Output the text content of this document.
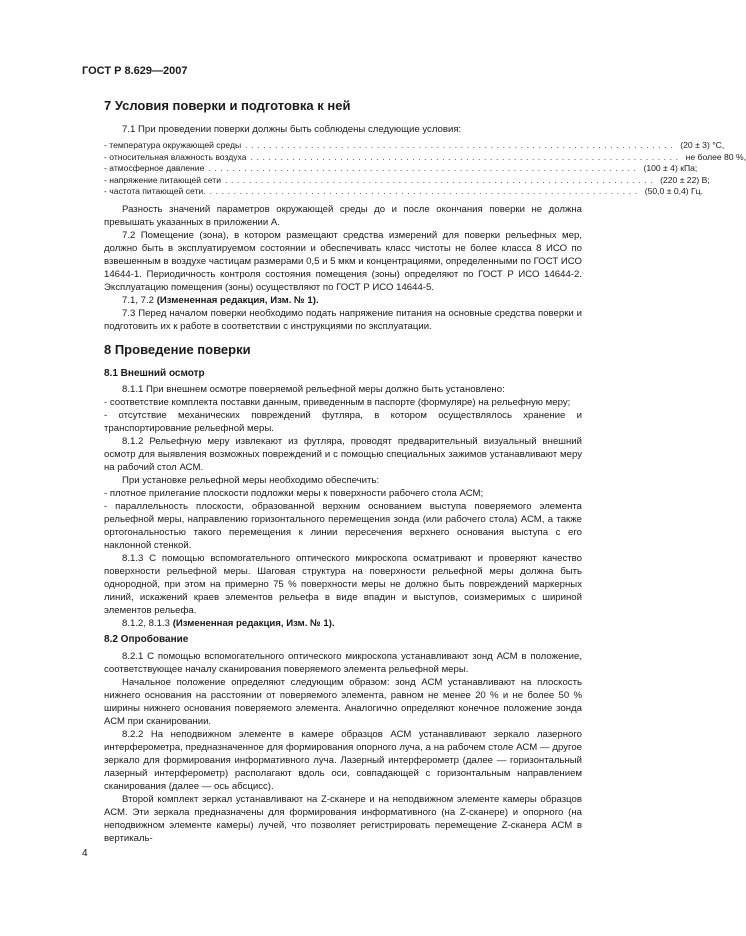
ГОСТ Р 8.629—2007
7 Условия поверки и подготовка к ней

7.1 При проведении поверки должны быть соблюдены следующие условия:

- температура окружающей среды ........................................................................ (20 ± 3) °С,
- относительная влажность воздуха ........................................................................ не более 80 %,
- атмосферное давление ........................................................................ (100 ± 4) кПа;
- напряжение питающей сети ........................................................................ (220 ± 22) В;
- частота питающей сети. ........................................................................ (50,0 ± 0,4) Гц.

Разность значений параметров окружающей среды до и после окончания поверки не должна превышать указанных в приложении А.

7.2 Помещение (зона), в котором размещают средства измерений для поверки рельефных мер, должно быть в эксплуатируемом состоянии и обеспечивать класс чистоты не более класса 8 ИСО по взвешенным в воздухе частицам размерами 0,5 и 5 мкм и концентрациями, определенными по ГОСТ ИСО 14644-1. Периодичность контроля состояния помещения (зоны) определяют по ГОСТ Р ИСО 14644-2. Эксплуатацию помещения (зоны) осуществляют по ГОСТ Р ИСО 14644-5.

7.1, 7.2 (Измененная редакция, Изм. № 1).

7.3 Перед началом поверки необходимо подать напряжение питания на основные средства поверки и подготовить их к работе в соответствии с инструкциями по эксплуатации.

8 Проведение поверки
8.1 Внешний осмотр

8.1.1 При внешнем осмотре поверяемой рельефной меры должно быть установлено:

- соответствие комплекта поставки данным, приведенным в паспорте (формуляре) на рельефную меру;

- отсутствие механических повреждений футляра, в котором осуществлялось хранение и транспортирование рельефной меры.

8.1.2 Рельефную меру извлекают из футляра, проводят предварительный визуальный внешний осмотр для выявления возможных повреждений и с помощью специальных зажимов устанавливают меру на рабочий стол АСМ.

При установке рельефной меры необходимо обеспечить:

- плотное прилегание плоскости подложки меры к поверхности рабочего стола АСМ;

- параллельность плоскости, образованной верхним основанием выступа поверяемого элемента рельефной меры, направлению горизонтального перемещения зонда (или рабочего стола) АСМ, а также ортогональностью такого перемещения к линии пересечения верхнего основания выступа с его наклонной стенкой.

8.1.3 С помощью вспомогательного оптического микроскопа осматривают и проверяют качество поверхности рельефной меры. Шаговая структура на поверхности рельефной меры должна быть однородной, при этом на примерно 75 % поверхности меры не должно быть повреждений маркерных линий, искажений краев элементов рельефа в виде впадин и выступов, соизмеримых с шириной элементов рельефа.

8.1.2, 8.1.3 (Измененная редакция, Изм. № 1).

8.2 Опробование

8.2.1 С помощью вспомогательного оптического микроскопа устанавливают зонд АСМ в положение, соответствующее началу сканирования поверяемого элемента рельефной меры.

Начальное положение определяют следующим образом: зонд АСМ устанавливают на плоскость нижнего основания на расстоянии от поверяемого элемента, равном не менее 20 % и не более 50 % ширины нижнего основания поверяемого элемента. Аналогично определяют конечное положение зонда АСМ при сканировании.

8.2.2 На неподвижном элементе в камере образцов АСМ устанавливают зеркало лазерного интерферометра, предназначенное для формирования опорного луча, а на рабочем столе АСМ — другое зеркало для формирования информативного луча. Лазерный интерферометр (далее — горизонтальный лазерный интерферометр) располагают вдоль оси, совпадающей с горизонтальным направлением сканирования (далее — ось абсцисс).

Второй комплект зеркал устанавливают на Z-сканере и на неподвижном элементе камеры образцов АСМ. Эти зеркала предназначены для формирования информативного (на Z-сканере) и опорного (на неподвижном элементе камеры) лучей, что позволяет регистрировать перемещение Z-сканера АСМ в вертикаль-

4
